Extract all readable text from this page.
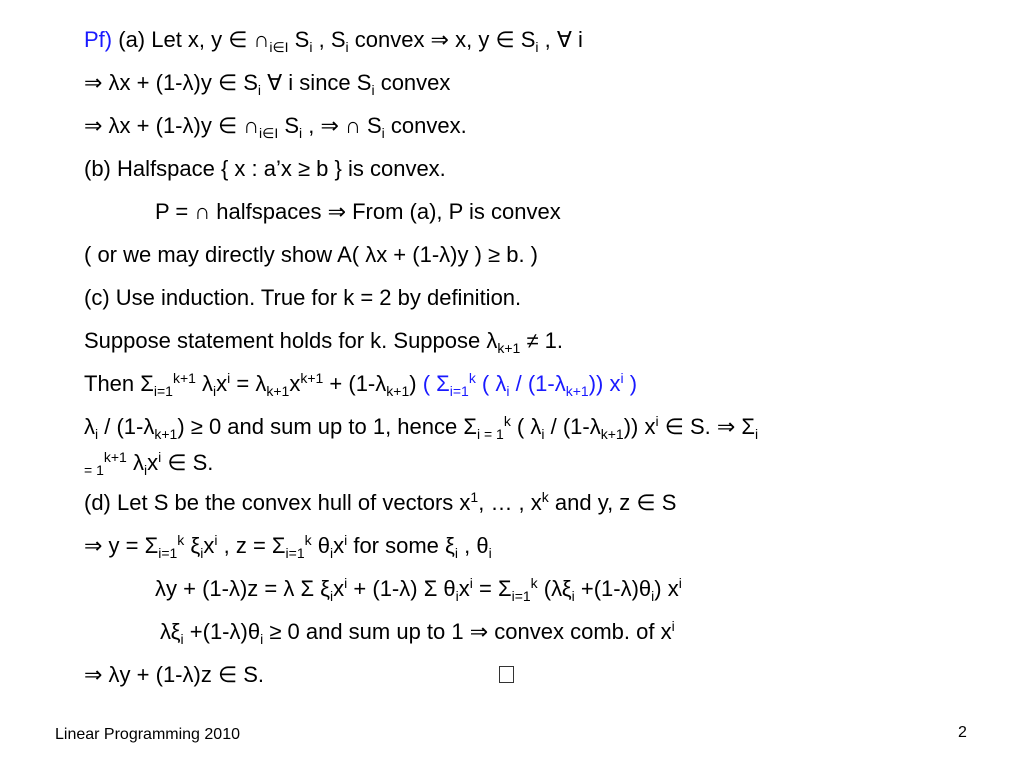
Pf) (a) Let x, y ∈ $\cap_{i\in I}$ $S_i$ , $S_i$ convex ⇒ x, y ∈ $S_i$ , ∀ i
⇒ λx + (1-λ)y ∈ $S_i$ ∀ i since $S_i$ convex
⇒ λx + (1-λ)y ∈ $\cap_{i\in I}$ $S_i$ , ⇒ ∩ $S_i$ convex.
(b) Halfspace { x : a’x ≥ b } is convex.
P = ∩ halfspaces ⇒ From (a), P is convex
( or we may directly show A( λx + (1-λ)y ) ≥ b. )
(c) Use induction. True for k = 2 by definition.
Suppose statement holds for k. Suppose $\lambda_{k+1} \ne 1$.
Then $\Sigma_{i=1}^{k+1}$ $\lambda_ix^i = \lambda_{k+1}x^{k+1} + (1-\lambda_{k+1})$ ( $\Sigma_{i=1}^k$ ( $\lambda_i / (1-\lambda_{k+1})$) $x^i$ )
$\lambda_i / (1-\lambda_{k+1}) \ge 0$ and sum up to 1, hence $\Sigma_{i = 1}^k$ ( $\lambda_i / (1-\lambda_{k+1})$) $x^i$ ∈ S. ⇒ $\Sigma_i$
$_{= 1}^{k+1}$ $\lambda_ix^i$ ∈ S.
(d) Let S be the convex hull of vectors $x^1$, … , $x^k$ and y, z ∈ S
⇒ $y = \Sigma_{i=1}^k$ $\xi_ix^i$ , $z = \Sigma_{i=1}^k$ $\theta_ix^i$ for some $\xi_i$ , $\theta_i$
λy + (1-λ)z = λ Σ $\xi_ix^i + (1-\lambda)$ Σ $\theta_ix^i = \Sigma_{i=1}^k$ $(\lambda\xi_i +(1-\lambda)\theta_i)$ $x^i$
$\lambda\xi_i +(1-\lambda)\theta_i \ge 0$ and sum up to 1 ⇒ convex comb. of $x^i$
⇒ λy + (1-λ)z ∈ S.
Linear Programming 2010	2
